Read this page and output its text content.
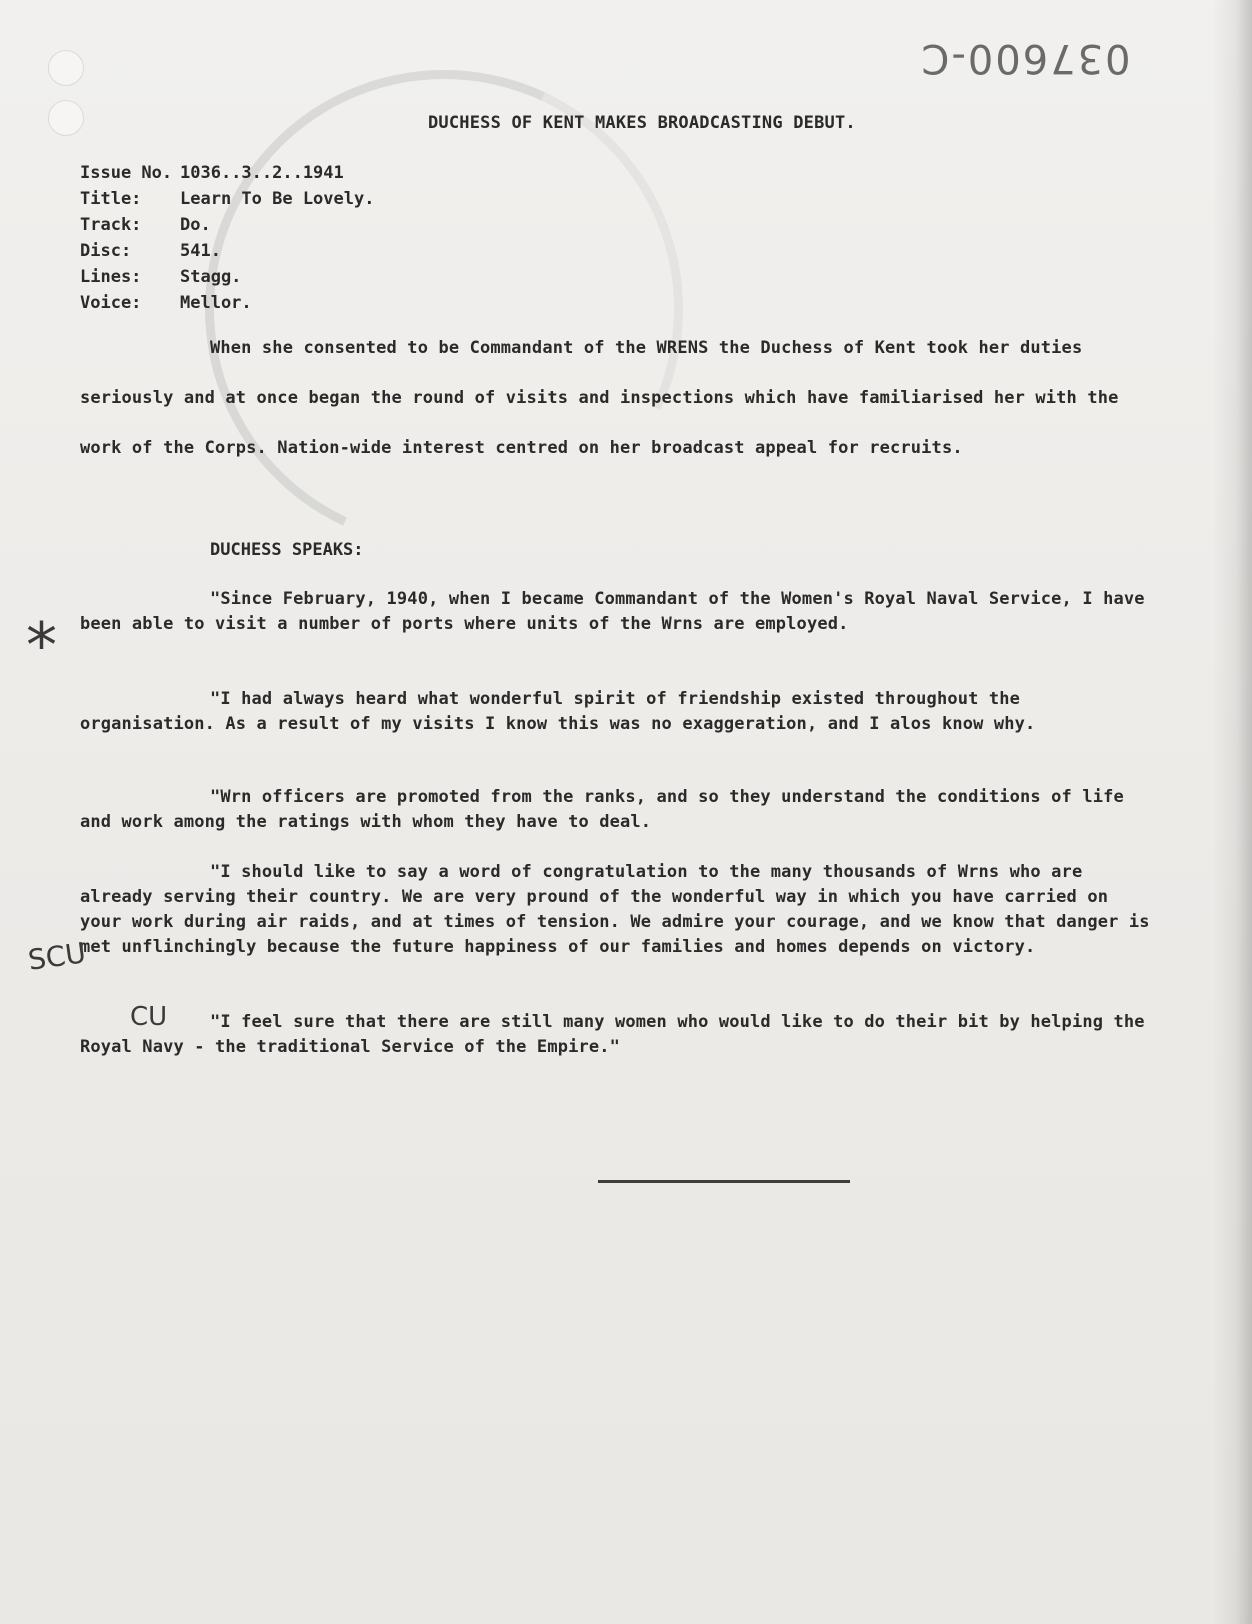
037600-C
DUCHESS OF KENT MAKES BROADCASTING DEBUT.
Issue No. 1036..3..2..1941
Title: Learn To Be Lovely.
Track: Do.
Disc:	541.
Lines: Stagg.
Voice: Mellor.

When she consented to be Commandant of the WRENS the Duchess of Kent took her duties seriously and at once began the round of visits and inspections which have familiarised her with the work of the Corps. Nation-wide interest centred on her broadcast appeal for recruits.

DUCHESS SPEAKS:

"Since February, 1940, when I became Commandant of the Women's Royal Naval Service, I have been able to visit a number of ports where units of the Wrns are employed.

"I had always heard what wonderful spirit of friendship existed throughout the organisation. As a result of my visits I know this was no exaggeration, and I alos know why.

"Wrn officers are promoted from the ranks, and so they understand the conditions of life and work among the ratings with whom they have to deal.

"I should like to say a word of congratulation to the many thousands of Wrns who are already serving their country. We are very pround of the wonderful way in which you have carried on your work during air raids, and at times of tension. We admire your courage, and we know that danger is met unflinchingly because the future happiness of our families and homes depends on victory.

"I feel sure that there are still many women who would like to do their bit by helping the Royal Navy - the traditional Service of the Empire."

*
SCU
CU
